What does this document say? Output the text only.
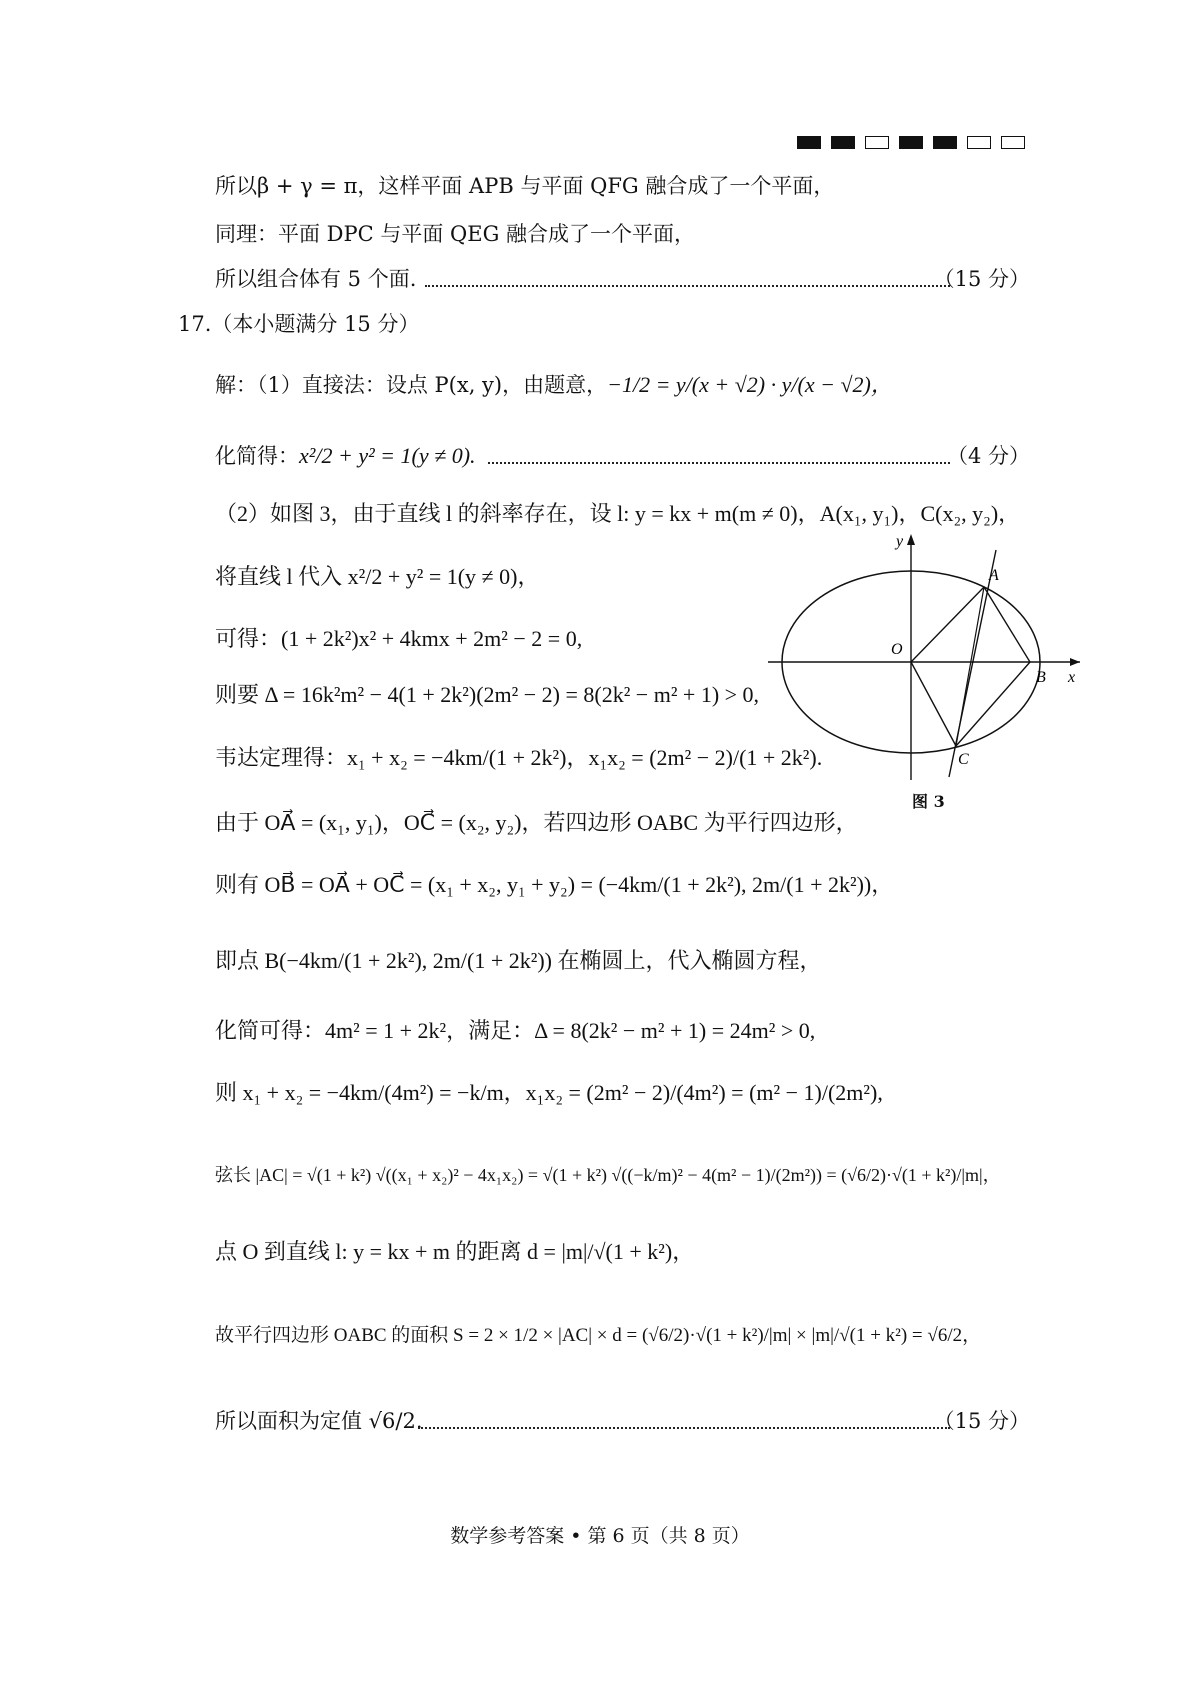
所以β + γ = π，这样平面 APB 与平面 QFG 融合成了一个平面，
同理：平面 DPC 与平面 QEG 融合成了一个平面，
所以组合体有 5 个面.	（15 分）
17.（本小题满分 15 分）
解：（1）直接法：设点 P(x, y)，由题意，−1/2 = y/(x + √2) · y/(x − √2)，
化简得：x²/2 + y² = 1(y ≠ 0).	（4 分）
（2）如图 3，由于直线 l 的斜率存在，设 l: y = kx + m(m ≠ 0)，A(x₁, y₁)，C(x₂, y₂)，
将直线 l 代入 x²/2 + y² = 1(y ≠ 0)，
可得：(1 + 2k²)x² + 4kmx + 2m² − 2 = 0,
则要 Δ = 16k²m² − 4(1 + 2k²)(2m² − 2) = 8(2k² − m² + 1) > 0,
韦达定理得：x₁ + x₂ = −4km/(1 + 2k²)，x₁x₂ = (2m² − 2)/(1 + 2k²).
由于 OA⃗ = (x₁, y₁)，OC⃗ = (x₂, y₂)，若四边形 OABC 为平行四边形，
则有 OB⃗ = OA⃗ + OC⃗ = (x₁ + x₂, y₁ + y₂) = (−4km/(1 + 2k²), 2m/(1 + 2k²))，
即点 B(−4km/(1 + 2k²), 2m/(1 + 2k²)) 在椭圆上，代入椭圆方程，
化简可得：4m² = 1 + 2k²，满足：Δ = 8(2k² − m² + 1) = 24m² > 0,
则 x₁ + x₂ = −4km/(4m²) = −k/m，x₁x₂ = (2m² − 2)/(4m²) = (m² − 1)/(2m²),
弦长 |AC| = √(1 + k²) √((x₁ + x₂)² − 4x₁x₂) = √(1 + k²) √((−k/m)² − 4(m² − 1)/(2m²)) = (√6/2)·√(1 + k²)/|m|，
点 O 到直线 l: y = kx + m 的距离 d = |m|/√(1 + k²)，
故平行四边形 OABC 的面积 S = 2 × 1/2 × |AC| × d = (√6/2)·√(1 + k²)/|m| × |m|/√(1 + k²) = √6/2，
所以面积为定值 √6/2.	（15 分）
y
x
O
A
B
C
图 3
数学参考答案 • 第 6 页（共 8 页）
